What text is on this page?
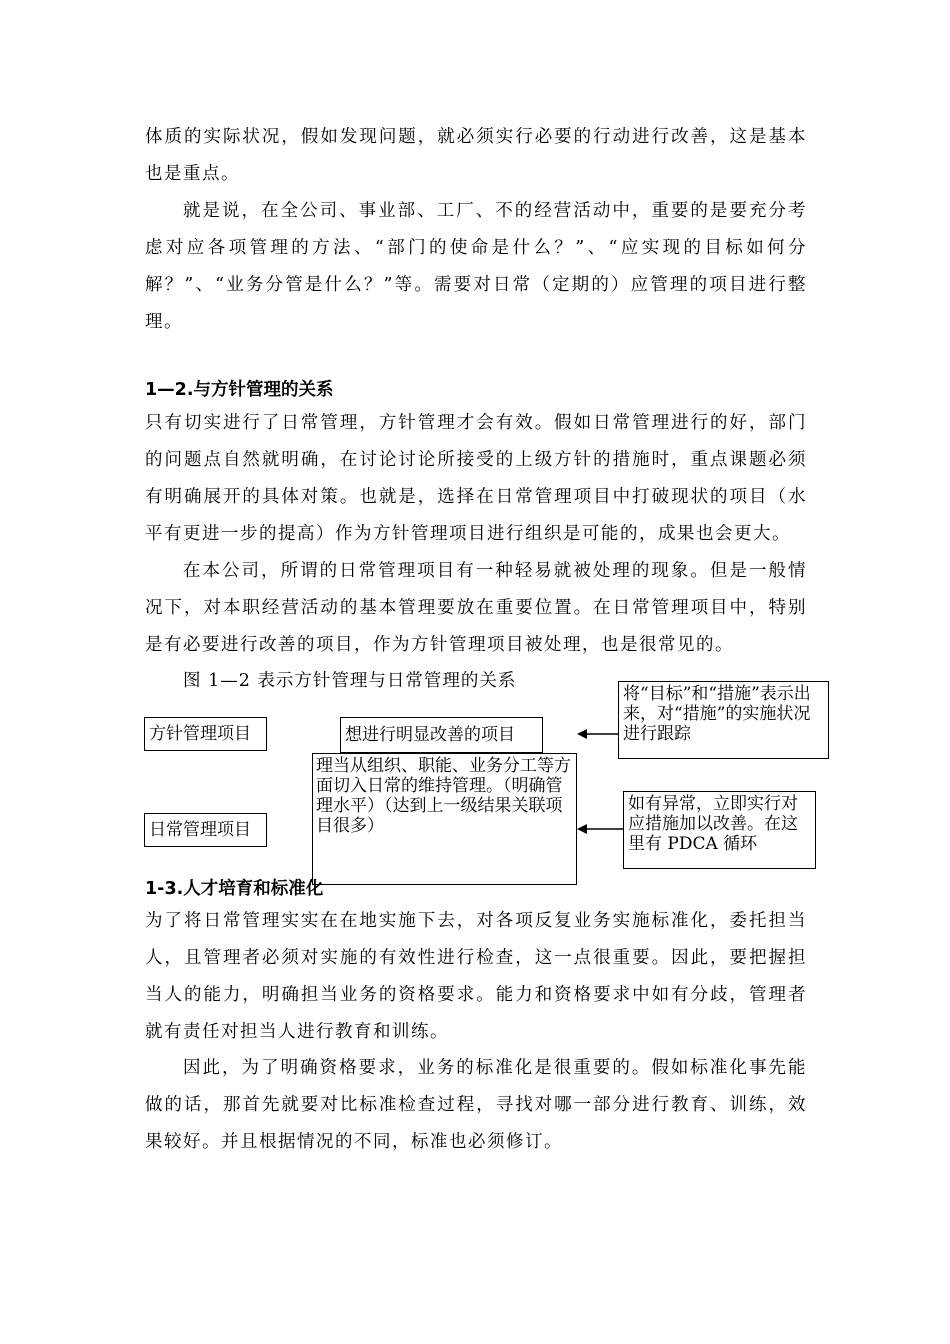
体质的实际状况，假如发现问题，就必须实行必要的行动进行改善，这是基本也是重点。

就是说，在全公司、事业部、工厂、不的经营活动中，重要的是要充分考虑对应各项管理的方法、“部门的使命是什么？”、“应实现的目标如何分解？”、“业务分管是什么？”等。需要对日常（定期的）应管理的项目进行整理。

1—2.与方针管理的关系

只有切实进行了日常管理，方针管理才会有效。假如日常管理进行的好，部门的问题点自然就明确，在讨论讨论所接受的上级方针的措施时，重点课题必须有明确展开的具体对策。也就是，选择在日常管理项目中打破现状的项目（水平有更进一步的提高）作为方针管理项目进行组织是可能的，成果也会更大。

在本公司，所谓的日常管理项目有一种轻易就被处理的现象。但是一般情况下，对本职经营活动的基本管理要放在重要位置。在日常管理项目中，特别是有必要进行改善的项目，作为方针管理项目被处理，也是很常见的。

图 1—2 表示方针管理与日常管理的关系

方针管理项目
日常管理项目
想进行明显改善的项目
理当从组织、职能、业务分工等方面切入日常的维持管理。（明确管理水平）（达到上一级结果关联项目很多）
将“目标”和“措施”表示出来，对“措施”的实施状况进行跟踪
如有异常，立即实行对应措施加以改善。在这里有 PDCA 循环

1-3.人才培育和标准化

为了将日常管理实实在在地实施下去，对各项反复业务实施标准化，委托担当人，且管理者必须对实施的有效性进行检查，这一点很重要。因此，要把握担当人的能力，明确担当业务的资格要求。能力和资格要求中如有分歧，管理者就有责任对担当人进行教育和训练。

因此，为了明确资格要求，业务的标准化是很重要的。假如标准化事先能做的话，那首先就要对比标准检查过程，寻找对哪一部分进行教育、训练，效果较好。并且根据情况的不同，标准也必须修订。
